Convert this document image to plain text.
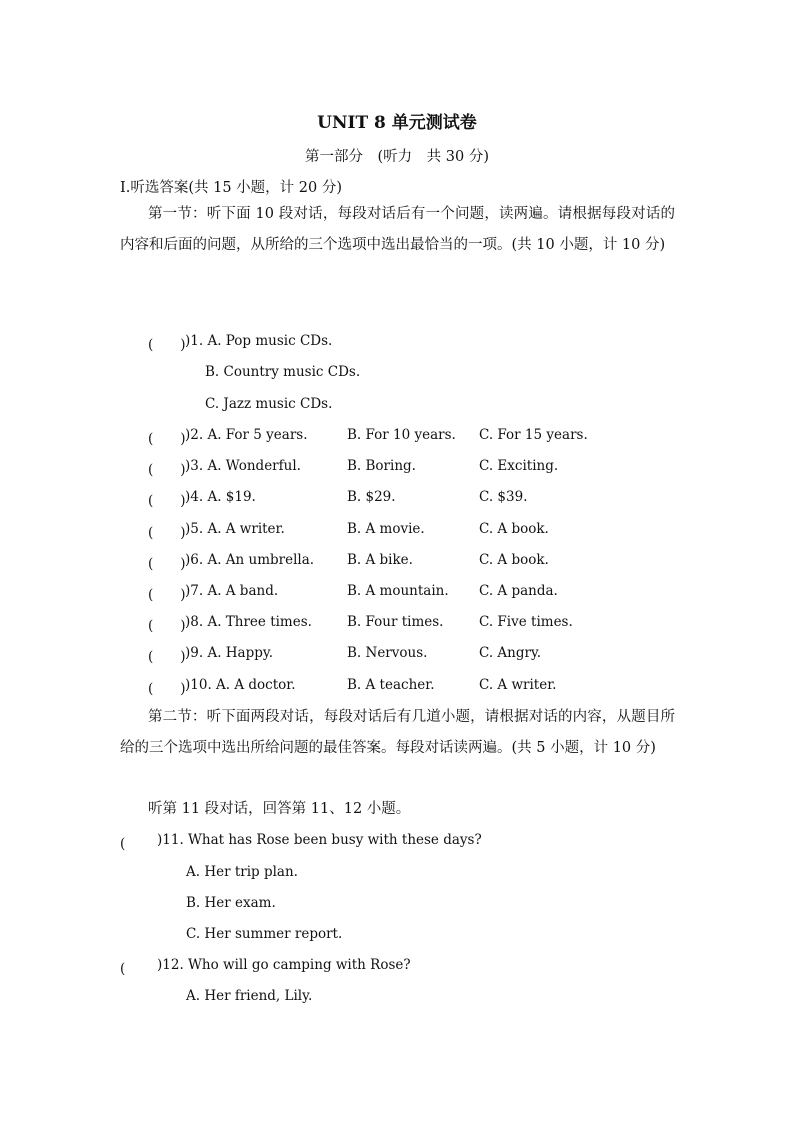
UNIT 8 单元测试卷
第一部分　(听力　共 30 分)
Ⅰ.听选答案(共 15 小题，计 20 分)
第一节：听下面 10 段对话，每段对话后有一个问题，读两遍。请根据每段对话的内容和后面的问题，从所给的三个选项中选出最恰当的一项。(共 10 小题，计 10 分)
(　　) )1. A. Pop music CDs.
B. Country music CDs.
C. Jazz music CDs.
(　　) )2. A. For 5 years.	B. For 10 years. C. For 15 years.
(　　) )3. A. Wonderful.	B. Boring.	C. Exciting.
(　　) )4. A. $19.	B. $29.	C. $39.
(　　) )5. A. A writer.	B. A movie.	C. A book.
(　　) )6. A. An umbrella. B. A bike.	C. A book.
(　　) )7. A. A band.	B. A mountain. C. A panda.
(　　) )8. A. Three times.	B. Four times.	C. Five times.
(　　) )9. A. Happy.	B. Nervous.	C. Angry.
(　　) )10. A. A doctor.	B. A teacher.	C. A writer.
第二节：听下面两段对话，每段对话后有几道小题，请根据对话的内容，从题目所给的三个选项中选出所给问题的最佳答案。每段对话读两遍。(共 5 小题，计 10 分)
听第 11 段对话，回答第 11、12 小题。
(　　 )11. What has Rose been busy with these days?
A. Her trip plan.
B. Her exam.
C. Her summer report.
(　　 )12. Who will go camping with Rose?
A. Her friend, Lily.
